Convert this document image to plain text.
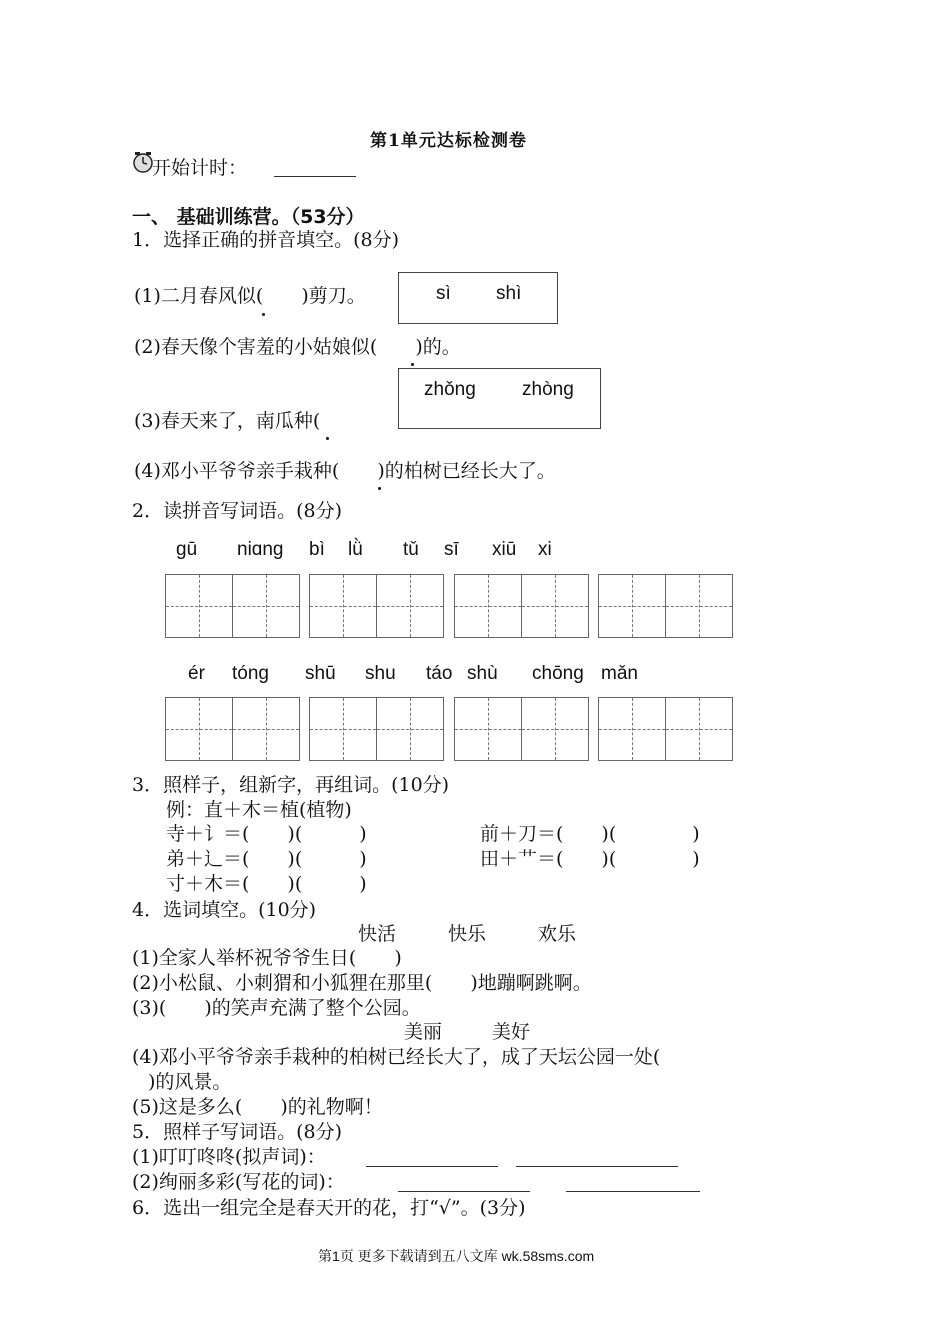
第1单元达标检测卷
开始计时：
一、 基础训练营。（53分）
1．选择正确的拼音填空。(8分)
(1)二月春风似(　　)剪刀。	sì shì
(2)春天像个害羞的小姑娘似(　　)的。
zhǒng zhòng
(3)春天来了，南瓜种(
(4)邓小平爷爷亲手栽种(　　)的柏树已经长大了。
2．读拼音写词语。(8分)
gū niɑng bì lǜ tǔ sī xiū xi
ér tóng shū shu táo shù chōng mǎn
3．照样子，组新字，再组词。(10分)
例：直＋木＝植(植物)
寺＋讠＝(　　)(　　　)
弟＋辶＝(　　)(　　　)
寸＋木＝(　　)(　　　)
前＋刀＝(　　)(　　　　)
田＋艹＝(　　)(　　　　)
4．选词填空。(10分)
快活	快乐	欢乐
(1)全家人举杯祝爷爷生日(　　)
(2)小松鼠、小刺猬和小狐狸在那里(　　)地蹦啊跳啊。
(3)(　　)的笑声充满了整个公园。
美丽	美好
(4)邓小平爷爷亲手栽种的柏树已经长大了，成了天坛公园一处(
)的风景。
(5)这是多么(　　)的礼物啊！
5．照样子写词语。(8分)
(1)叮叮咚咚(拟声词)：
(2)绚丽多彩(写花的词)：
6．选出一组完全是春天开的花，打“√”。(3分)
第1页 更多下载请到五八文库 wk.58sms.com
